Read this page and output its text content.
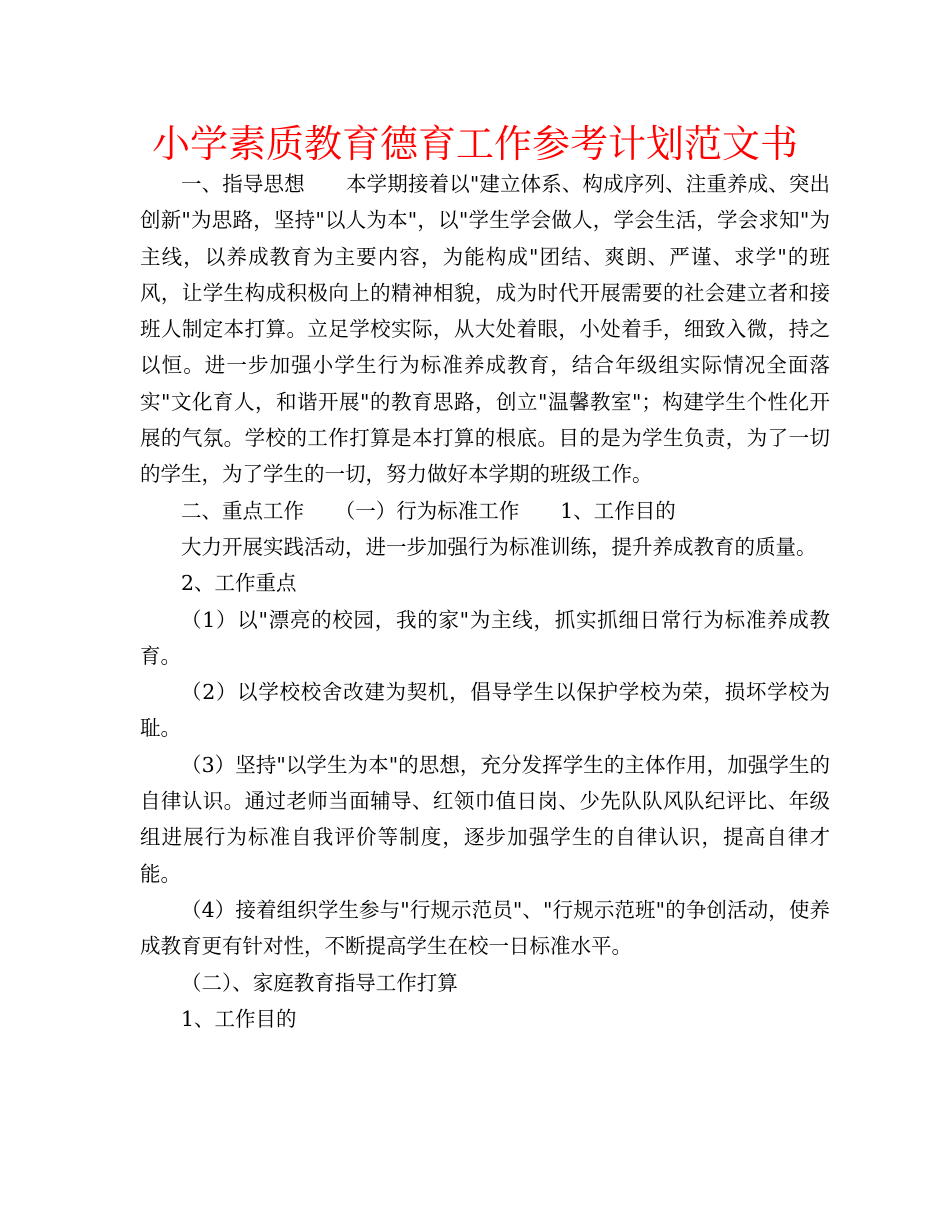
小学素质教育德育工作参考计划范文书

一、指导思想　　本学期接着以"建立体系、构成序列、注重养成、突出创新"为思路，坚持"以人为本"，以"学生学会做人，学会生活，学会求知"为主线，以养成教育为主要内容，为能构成"团结、爽朗、严谨、求学"的班风，让学生构成积极向上的精神相貌，成为时代开展需要的社会建立者和接班人制定本打算。立足学校实际，从大处着眼，小处着手，细致入微，持之以恒。进一步加强小学生行为标准养成教育，结合年级组实际情况全面落实"文化育人，和谐开展"的教育思路，创立"温馨教室"；构建学生个性化开展的气氛。学校的工作打算是本打算的根底。目的是为学生负责，为了一切的学生，为了学生的一切，努力做好本学期的班级工作。

二、重点工作　　（一）行为标准工作　　1、工作目的

大力开展实践活动，进一步加强行为标准训练，提升养成教育的质量。

2、工作重点

（1）以"漂亮的校园，我的家"为主线，抓实抓细日常行为标准养成教育。

（2）以学校校舍改建为契机，倡导学生以保护学校为荣，损坏学校为耻。

（3）坚持"以学生为本"的思想，充分发挥学生的主体作用，加强学生的自律认识。通过老师当面辅导、红领巾值日岗、少先队队风队纪评比、年级组进展行为标准自我评价等制度，逐步加强学生的自律认识，提高自律才能。

（4）接着组织学生参与"行规示范员"、"行规示范班"的争创活动，使养成教育更有针对性，不断提高学生在校一日标准水平。

（二）、家庭教育指导工作打算

1、工作目的
